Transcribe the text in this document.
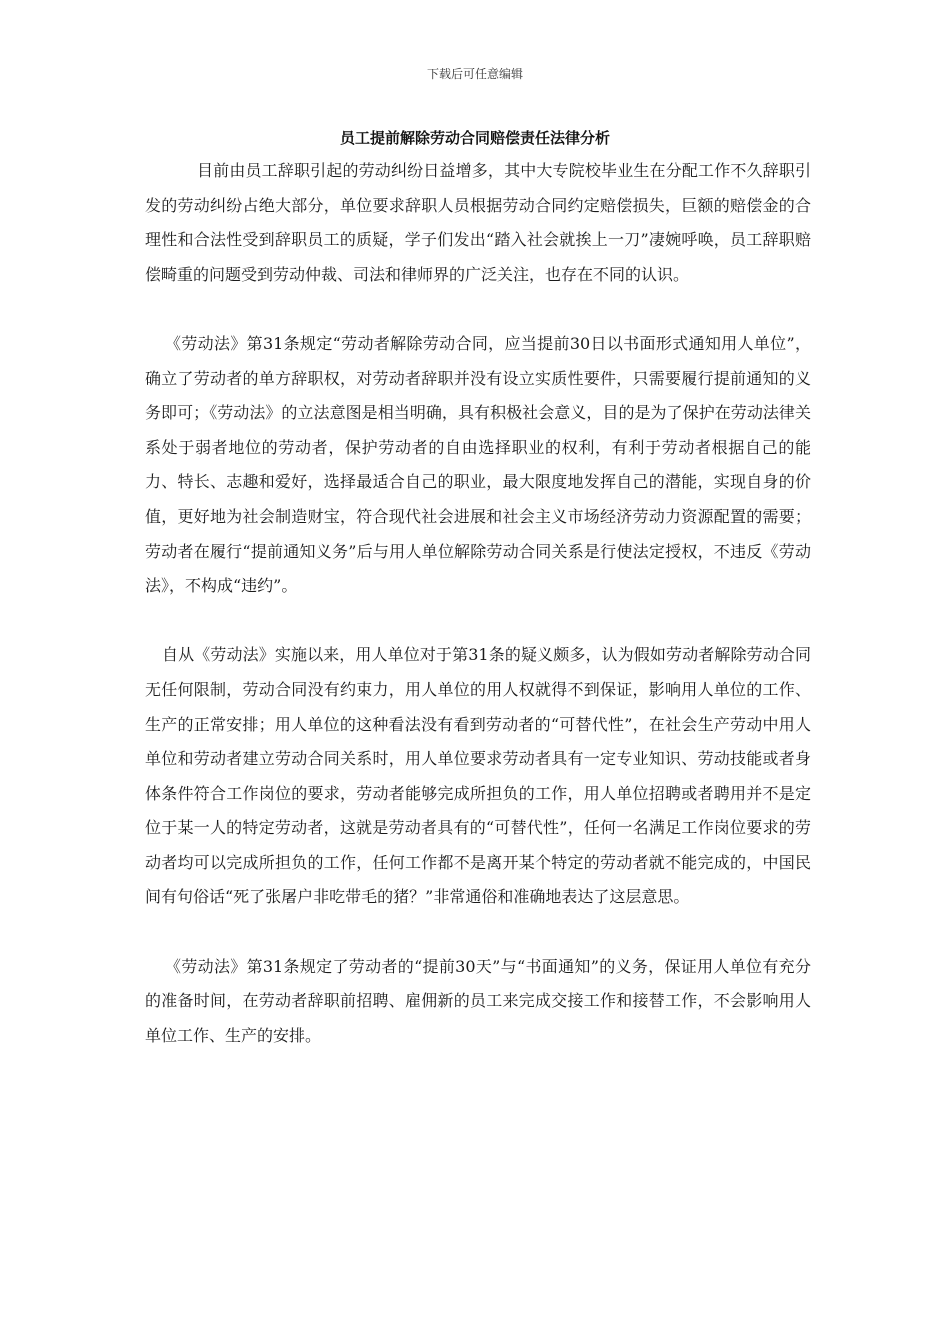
下载后可任意编辑
员工提前解除劳动合同赔偿责任法律分析

目前由员工辞职引起的劳动纠纷日益增多，其中大专院校毕业生在分配工作不久辞职引发的劳动纠纷占绝大部分，单位要求辞职人员根据劳动合同约定赔偿损失，巨额的赔偿金的合理性和合法性受到辞职员工的质疑，学子们发出“踏入社会就挨上一刀”凄婉呼唤，员工辞职赔偿畸重的问题受到劳动仲裁、司法和律师界的广泛关注，也存在不同的认识。

《劳动法》第31条规定“劳动者解除劳动合同，应当提前30日以书面形式通知用人单位”，确立了劳动者的单方辞职权，对劳动者辞职并没有设立实质性要件，只需要履行提前通知的义务即可；《劳动法》的立法意图是相当明确，具有积极社会意义，目的是为了保护在劳动法律关系处于弱者地位的劳动者，保护劳动者的自由选择职业的权利，有利于劳动者根据自己的能力、特长、志趣和爱好，选择最适合自己的职业，最大限度地发挥自己的潜能，实现自身的价值，更好地为社会制造财宝，符合现代社会进展和社会主义市场经济劳动力资源配置的需要；劳动者在履行“提前通知义务”后与用人单位解除劳动合同关系是行使法定授权，不违反《劳动法》，不构成“违约”。

自从《劳动法》实施以来，用人单位对于第31条的疑义颇多，认为假如劳动者解除劳动合同无任何限制，劳动合同没有约束力，用人单位的用人权就得不到保证，影响用人单位的工作、生产的正常安排；用人单位的这种看法没有看到劳动者的“可替代性”，在社会生产劳动中用人单位和劳动者建立劳动合同关系时，用人单位要求劳动者具有一定专业知识、劳动技能或者身体条件符合工作岗位的要求，劳动者能够完成所担负的工作，用人单位招聘或者聘用并不是定位于某一人的特定劳动者，这就是劳动者具有的“可替代性”，任何一名满足工作岗位要求的劳动者均可以完成所担负的工作，任何工作都不是离开某个特定的劳动者就不能完成的，中国民间有句俗话“死了张屠户非吃带毛的猪？”非常通俗和准确地表达了这层意思。

《劳动法》第31条规定了劳动者的“提前30天”与“书面通知”的义务，保证用人单位有充分的准备时间，在劳动者辞职前招聘、雇佣新的员工来完成交接工作和接替工作，不会影响用人单位工作、生产的安排。
